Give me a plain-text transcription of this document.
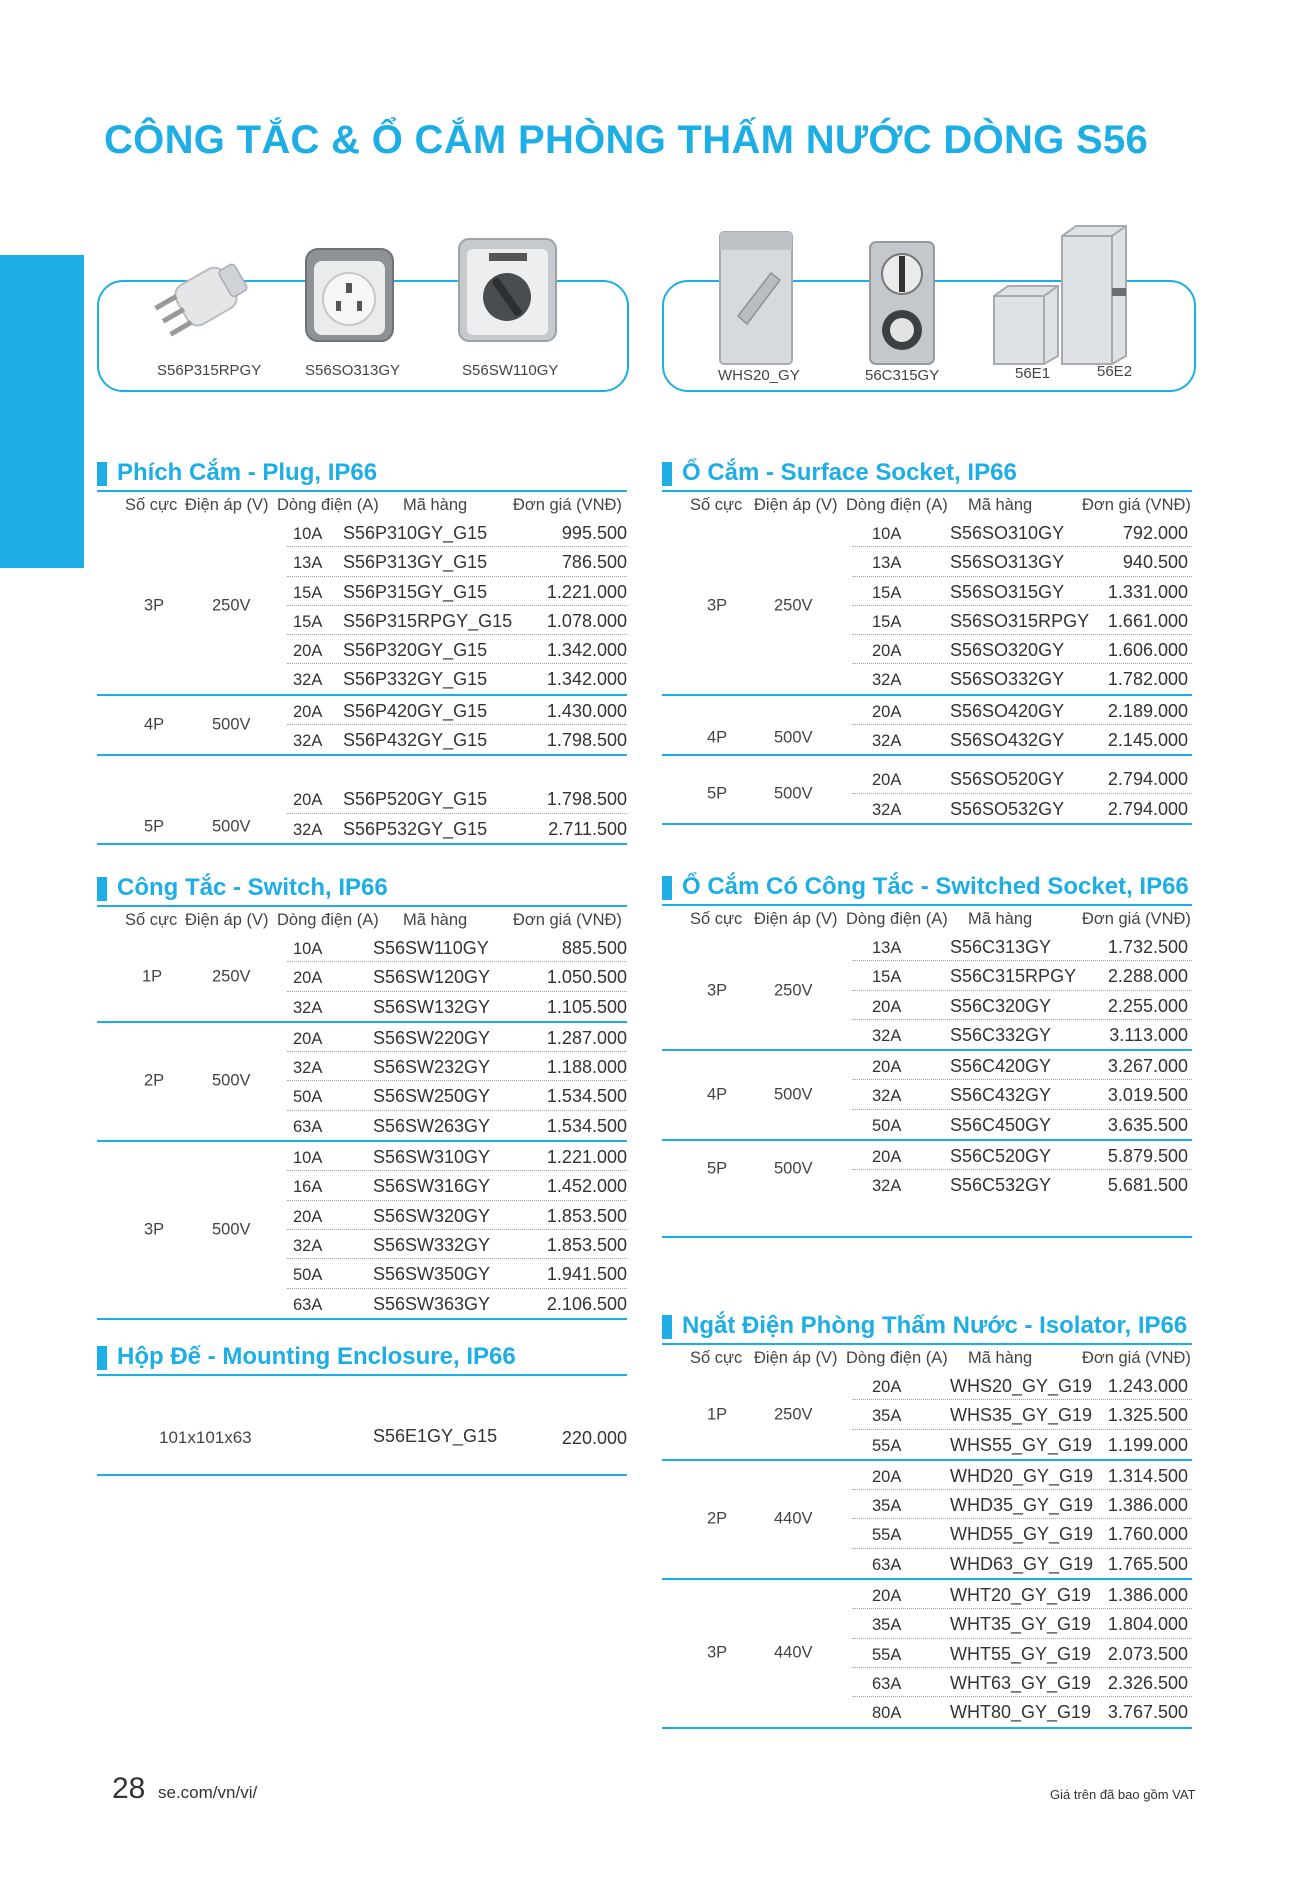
CÔNG TẮC & Ổ CẮM PHÒNG THẤM NƯỚC DÒNG S56
S56P315RPGY	S56SO313GY	S56SW110GY	WHS20_GY	56C315GY	56E1	56E2
Phích Cắm - Plug, IP66
Số cực Điện áp (V) Dòng điện (A) Mã hàng	Đơn giá (VNĐ)
3P	250V
10A S56P310GY_G15	995.500
13A S56P313GY_G15	786.500
15A S56P315GY_G15	1.221.000
15A S56P315RPGY_G15	1.078.000
20A S56P320GY_G15	1.342.000
32A S56P332GY_G15	1.342.000
4P	500V
20A S56P420GY_G15	1.430.000
32A S56P432GY_G15	1.798.500
5P	500V
20A S56P520GY_G15	1.798.500
32A S56P532GY_G15	2.711.500
Công Tắc - Switch, IP66
Số cực Điện áp (V) Dòng điện (A) Mã hàng	Đơn giá (VNĐ)
1P	250V
10A	S56SW110GY	885.500
20A	S56SW120GY	1.050.500
32A	S56SW132GY	1.105.500
2P	500V
20A	S56SW220GY	1.287.000
32A	S56SW232GY	1.188.000
50A	S56SW250GY	1.534.500
63A	S56SW263GY	1.534.500
3P	500V
10A	S56SW310GY	1.221.000
16A	S56SW316GY	1.452.000
20A	S56SW320GY	1.853.500
32A	S56SW332GY	1.853.500
50A	S56SW350GY	1.941.500
63A	S56SW363GY	2.106.500
Hộp Đế - Mounting Enclosure, IP66
101x101x63	S56E1GY_G15	220.000
Ổ Cắm - Surface Socket, IP66
Số cực Điện áp (V) Dòng điện (A) Mã hàng	Đơn giá (VNĐ)
3P	250V
10A	S56SO310GY	792.000
13A	S56SO313GY	940.500
15A	S56SO315GY	1.331.000
15A	S56SO315RPGY	1.661.000
20A	S56SO320GY	1.606.000
32A	S56SO332GY	1.782.000
4P	500V
20A	S56SO420GY	2.189.000
32A	S56SO432GY	2.145.000
5P	500V
20A	S56SO520GY	2.794.000
32A	S56SO532GY	2.794.000
Ổ Cắm Có Công Tắc - Switched Socket, IP66
Số cực Điện áp (V) Dòng điện (A) Mã hàng	Đơn giá (VNĐ)
3P	250V
13A	S56C313GY	1.732.500
15A	S56C315RPGY	2.288.000
20A	S56C320GY	2.255.000
32A	S56C332GY	3.113.000
4P	500V
20A	S56C420GY	3.267.000
32A	S56C432GY	3.019.500
50A	S56C450GY	3.635.500
5P	500V
20A	S56C520GY	5.879.500
32A	S56C532GY	5.681.500
Ngắt Điện Phòng Thấm Nước - Isolator, IP66
Số cực Điện áp (V) Dòng điện (A) Mã hàng	Đơn giá (VNĐ)
1P	250V
20A	WHS20_GY_G19 1.243.000
35A	WHS35_GY_G19 1.325.500
55A	WHS55_GY_G19 1.199.000
2P	440V
20A	WHD20_GY_G19 1.314.500
35A	WHD35_GY_G19 1.386.000
55A	WHD55_GY_G19 1.760.000
63A	WHD63_GY_G19 1.765.500
3P	440V
20A	WHT20_GY_G19 1.386.000
35A	WHT35_GY_G19 1.804.000
55A	WHT55_GY_G19 2.073.500
63A	WHT63_GY_G19 2.326.500
80A	WHT80_GY_G19 3.767.500
28 se.com/vn/vi/	Giá trên đã bao gồm VAT
